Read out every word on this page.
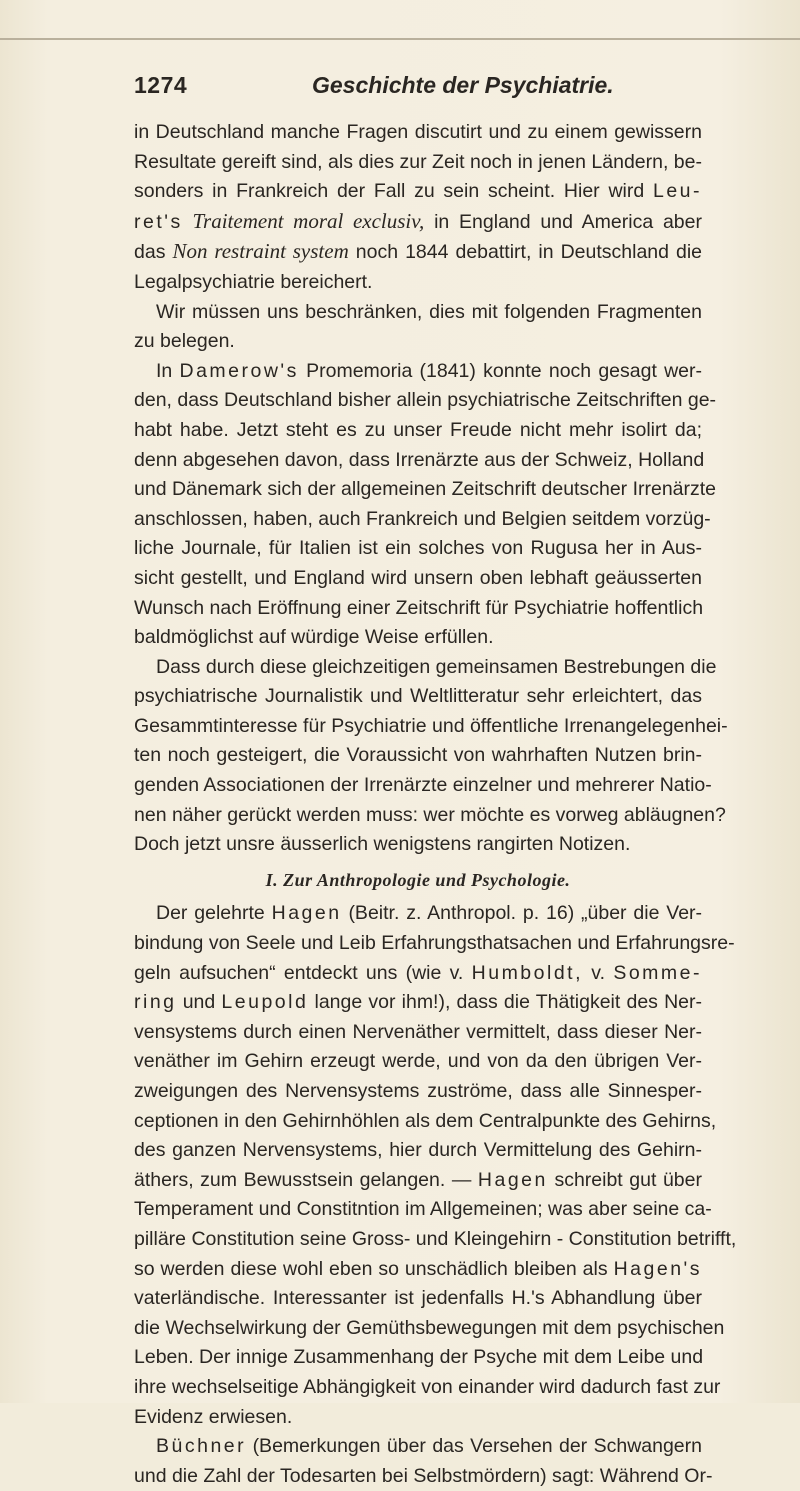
1274	Geschichte der Psychiatrie.
in Deutschland manche Fragen discutirt und zu einem gewissern
Resultate gereift sind, als dies zur Zeit noch in jenen Ländern, be-
sonders in Frankreich der Fall zu sein scheint. Hier wird Leu-
ret's Traitement moral exclusiv, in England und America aber
das Non restraint system noch 1844 debattirt, in Deutschland die
Legalpsychiatrie bereichert.
Wir müssen uns beschränken, dies mit folgenden Fragmenten
zu belegen.
In Damerow's Promemoria (1841) konnte noch gesagt wer-
den, dass Deutschland bisher allein psychiatrische Zeitschriften ge-
habt habe. Jetzt steht es zu unser Freude nicht mehr isolirt da;
denn abgesehen davon, dass Irrenärzte aus der Schweiz, Holland
und Dänemark sich der allgemeinen Zeitschrift deutscher Irrenärzte
anschlossen, haben, auch Frankreich und Belgien seitdem vorzüg-
liche Journale, für Italien ist ein solches von Rugusa her in Aus-
sicht gestellt, und England wird unsern oben lebhaft geäusserten
Wunsch nach Eröffnung einer Zeitschrift für Psychiatrie hoffentlich
baldmöglichst auf würdige Weise erfüllen.
Dass durch diese gleichzeitigen gemeinsamen Bestrebungen die
psychiatrische Journalistik und Weltlitteratur sehr erleichtert, das
Gesammtinteresse für Psychiatrie und öffentliche Irrenangelegenhei-
ten noch gesteigert, die Voraussicht von wahrhaften Nutzen brin-
genden Associationen der Irrenärzte einzelner und mehrerer Natio-
nen näher gerückt werden muss: wer möchte es vorweg abläugnen?
Doch jetzt unsre äusserlich wenigstens rangirten Notizen.
I. Zur Anthropologie und Psychologie.
Der gelehrte Hagen (Beitr. z. Anthropol. p. 16) „über die Ver-
bindung von Seele und Leib Erfahrungsthatsachen und Erfahrungsre-
geln aufsuchen“ entdeckt uns (wie v. Humboldt, v. Somme-
ring und Leupold lange vor ihm!), dass die Thätigkeit des Ner-
vensystems durch einen Nervenäther vermittelt, dass dieser Ner-
venäther im Gehirn erzeugt werde, und von da den übrigen Ver-
zweigungen des Nervensystems zuströme, dass alle Sinnesper-
ceptionen in den Gehirnhöhlen als dem Centralpunkte des Gehirns,
des ganzen Nervensystems, hier durch Vermittelung des Gehirn-
äthers, zum Bewusstsein gelangen. — Hagen schreibt gut über
Temperament und Constitntion im Allgemeinen; was aber seine ca-
pilläre Constitution seine Gross- und Kleingehirn - Constitution betrifft,
so werden diese wohl eben so unschädlich bleiben als Hagen's
vaterländische. Interessanter ist jedenfalls H.'s Abhandlung über
die Wechselwirkung der Gemüthsbewegungen mit dem psychischen
Leben. Der innige Zusammenhang der Psyche mit dem Leibe und
ihre wechselseitige Abhängigkeit von einander wird dadurch fast zur
Evidenz erwiesen.
Büchner (Bemerkungen über das Versehen der Schwangern
und die Zahl der Todesarten bei Selbstmördern) sagt: Während Or-
